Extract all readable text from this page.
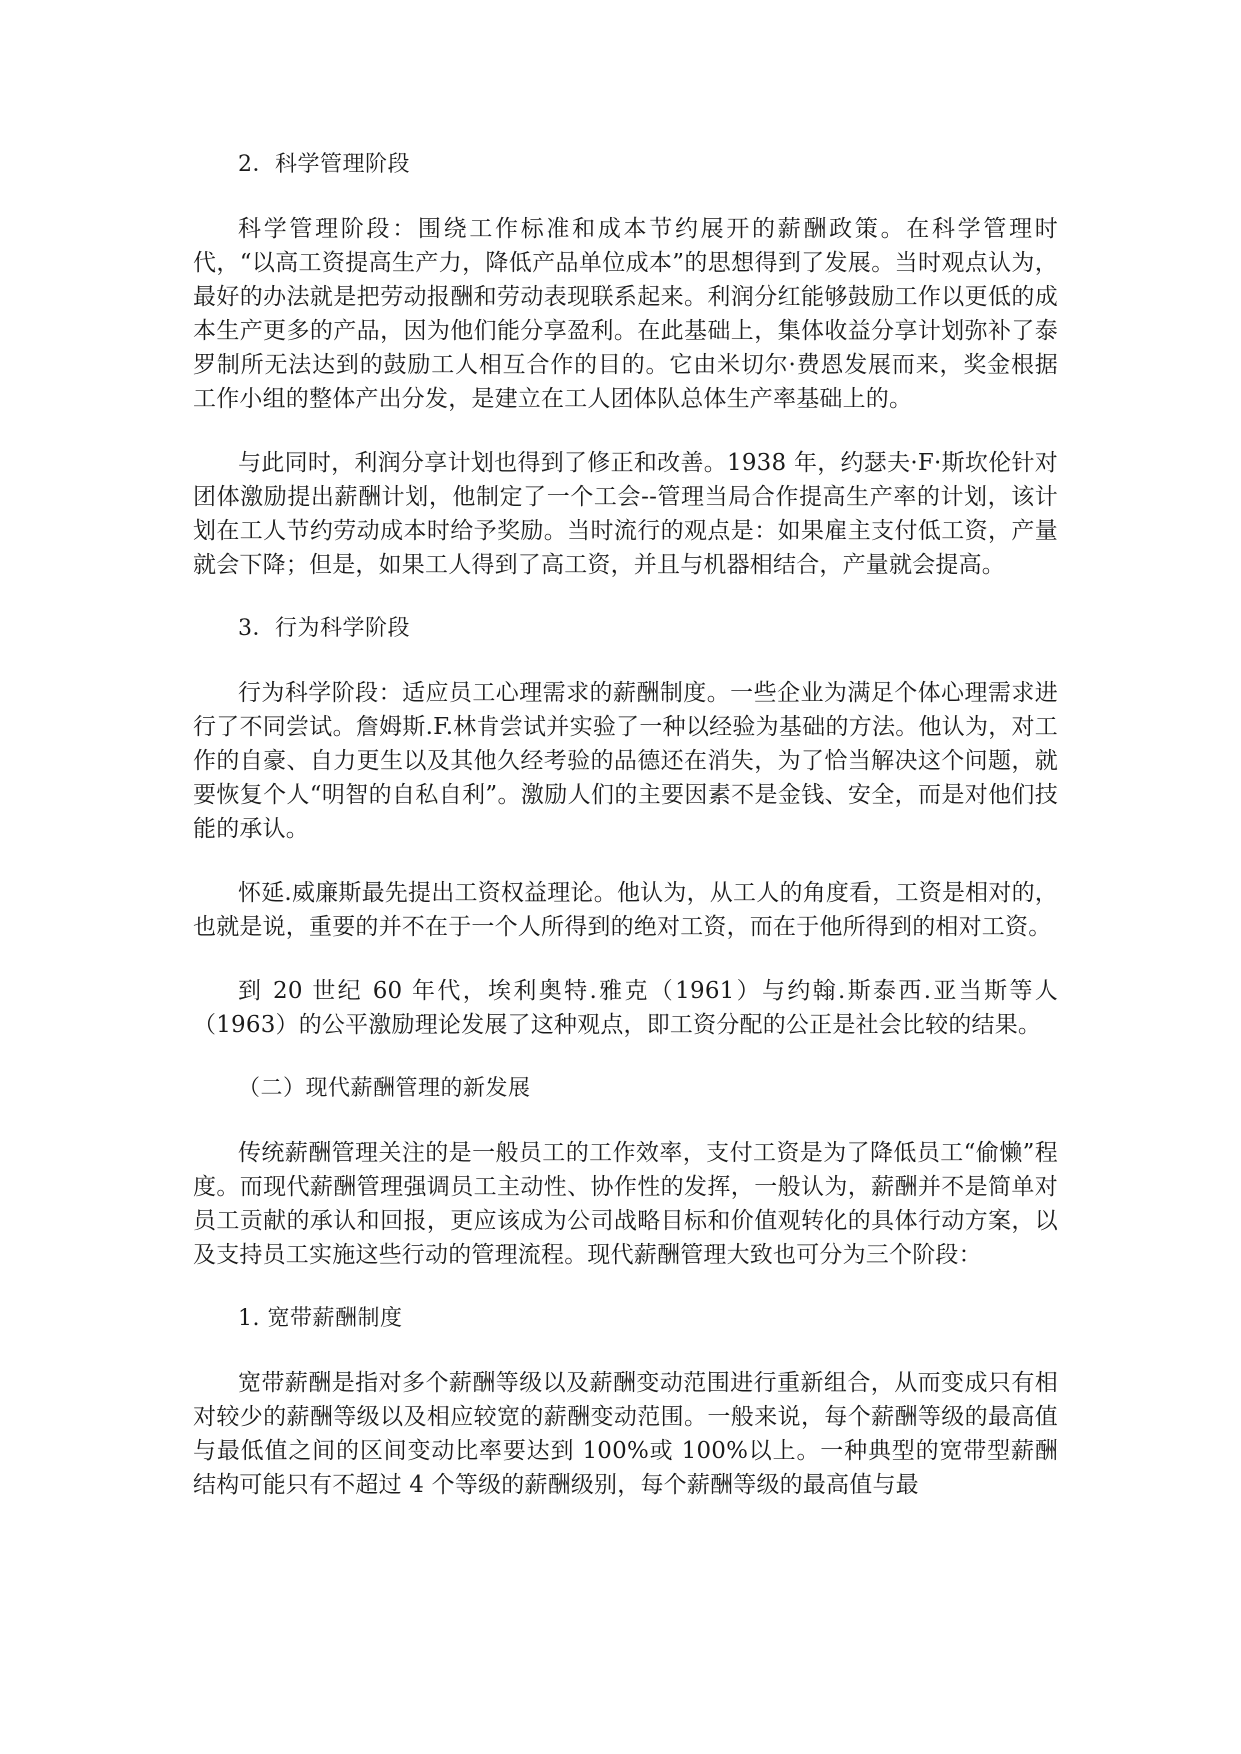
2．科学管理阶段

科学管理阶段：围绕工作标准和成本节约展开的薪酬政策。在科学管理时代，“以高工资提高生产力，降低产品单位成本”的思想得到了发展。当时观点认为，最好的办法就是把劳动报酬和劳动表现联系起来。利润分红能够鼓励工作以更低的成本生产更多的产品，因为他们能分享盈利。在此基础上，集体收益分享计划弥补了泰罗制所无法达到的鼓励工人相互合作的目的。它由米切尔·费恩发展而来，奖金根据工作小组的整体产出分发，是建立在工人团体队总体生产率基础上的。

与此同时，利润分享计划也得到了修正和改善。1938 年，约瑟夫·F·斯坎伦针对团体激励提出薪酬计划，他制定了一个工会--管理当局合作提高生产率的计划，该计划在工人节约劳动成本时给予奖励。当时流行的观点是：如果雇主支付低工资，产量就会下降；但是，如果工人得到了高工资，并且与机器相结合，产量就会提高。

3．行为科学阶段

行为科学阶段：适应员工心理需求的薪酬制度。一些企业为满足个体心理需求进行了不同尝试。詹姆斯.F.林肯尝试并实验了一种以经验为基础的方法。他认为，对工作的自豪、自力更生以及其他久经考验的品德还在消失，为了恰当解决这个问题，就要恢复个人“明智的自私自利”。激励人们的主要因素不是金钱、安全，而是对他们技能的承认。

怀延.威廉斯最先提出工资权益理论。他认为，从工人的角度看，工资是相对的，也就是说，重要的并不在于一个人所得到的绝对工资，而在于他所得到的相对工资。

到 20 世纪 60 年代，埃利奥特.雅克（1961）与约翰.斯泰西.亚当斯等人（1963）的公平激励理论发展了这种观点，即工资分配的公正是社会比较的结果。

（二）现代薪酬管理的新发展

传统薪酬管理关注的是一般员工的工作效率，支付工资是为了降低员工“偷懒”程度。而现代薪酬管理强调员工主动性、协作性的发挥，一般认为，薪酬并不是简单对员工贡献的承认和回报，更应该成为公司战略目标和价值观转化的具体行动方案，以及支持员工实施这些行动的管理流程。现代薪酬管理大致也可分为三个阶段：

1. 宽带薪酬制度

宽带薪酬是指对多个薪酬等级以及薪酬变动范围进行重新组合，从而变成只有相对较少的薪酬等级以及相应较宽的薪酬变动范围。一般来说，每个薪酬等级的最高值与最低值之间的区间变动比率要达到 100%或 100%以上。一种典型的宽带型薪酬结构可能只有不超过 4 个等级的薪酬级别，每个薪酬等级的最高值与最
